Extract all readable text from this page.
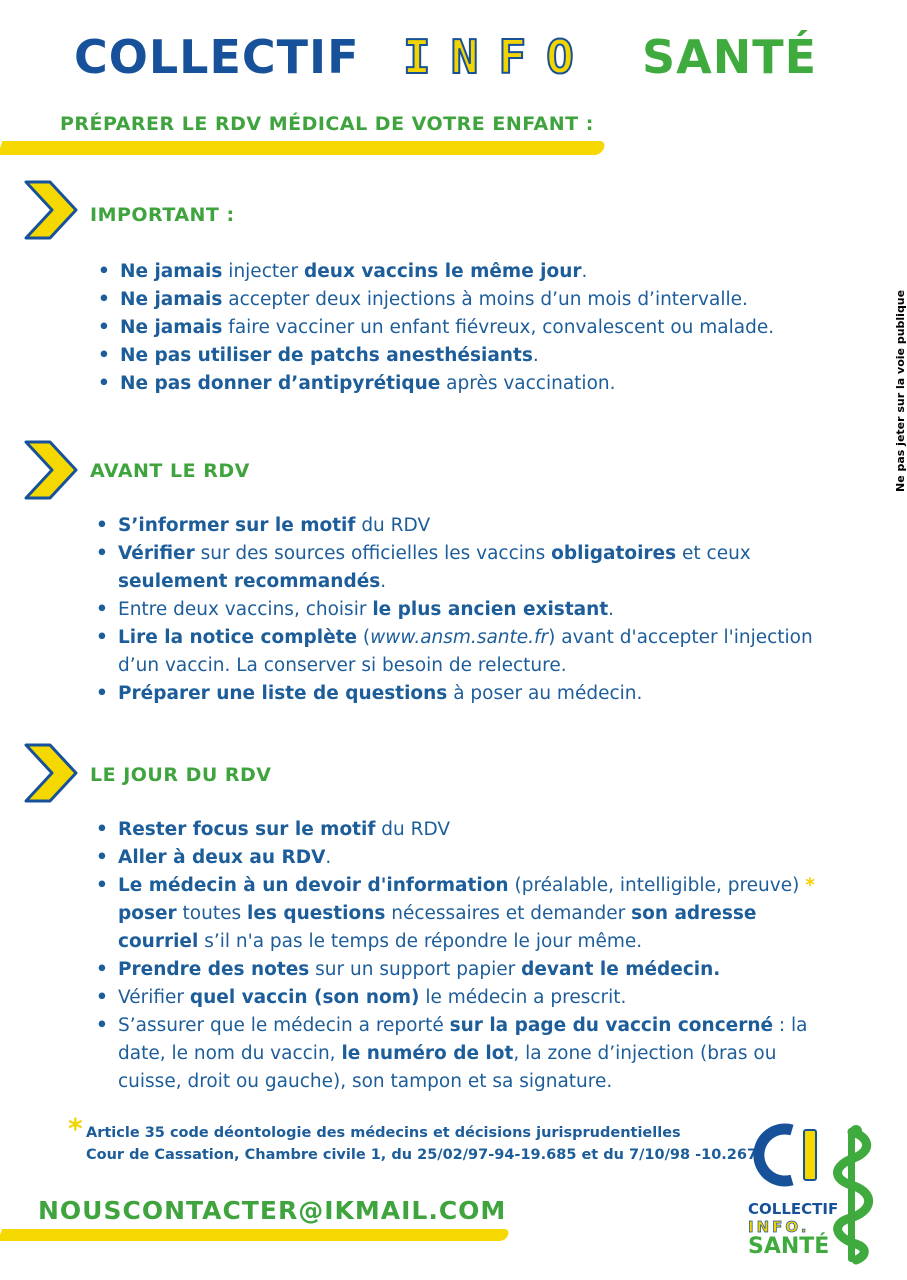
COLLECTIF INFO SANTÉ
PRÉPARER LE RDV MÉDICAL DE VOTRE ENFANT :
Ne pas jeter sur la voie publique
IMPORTANT :
• Ne jamais injecter deux vaccins le même jour.
• Ne jamais accepter deux injections à moins d’un mois d’intervalle.
• Ne jamais faire vacciner un enfant fiévreux, convalescent ou malade.
• Ne pas utiliser de patchs anesthésiants.
• Ne pas donner d’antipyrétique après vaccination.
AVANT LE RDV
• S’informer sur le motif du RDV
• Vérifier sur des sources officielles les vaccins obligatoires et ceux seulement recommandés.
• Entre deux vaccins, choisir le plus ancien existant.
• Lire la notice complète (www.ansm.sante.fr) avant d'accepter l'injection d’un vaccin. La conserver si besoin de relecture.
• Préparer une liste de questions à poser au médecin.
LE JOUR DU RDV
• Rester focus sur le motif du RDV
• Aller à deux au RDV.
• Le médecin à un devoir d'information (préalable, intelligible, preuve) * poser toutes les questions nécessaires et demander son adresse courriel s’il n'a pas le temps de répondre le jour même.
• Prendre des notes sur un support papier devant le médecin.
• Vérifier quel vaccin (son nom) le médecin a prescrit.
• S’assurer que le médecin a reporté sur la page du vaccin concerné : la date, le nom du vaccin, le numéro de lot, la zone d’injection (bras ou cuisse, droit ou gauche), son tampon et sa signature.
* Article 35 code déontologie des médecins et décisions jurisprudentielles
Cour de Cassation, Chambre civile 1, du 25/02/97-94-19.685 et du 7/10/98 -10.267.
NOUSCONTACTER@IKMAIL.COM	COLLECTIF
INFO.
SANTÉ
